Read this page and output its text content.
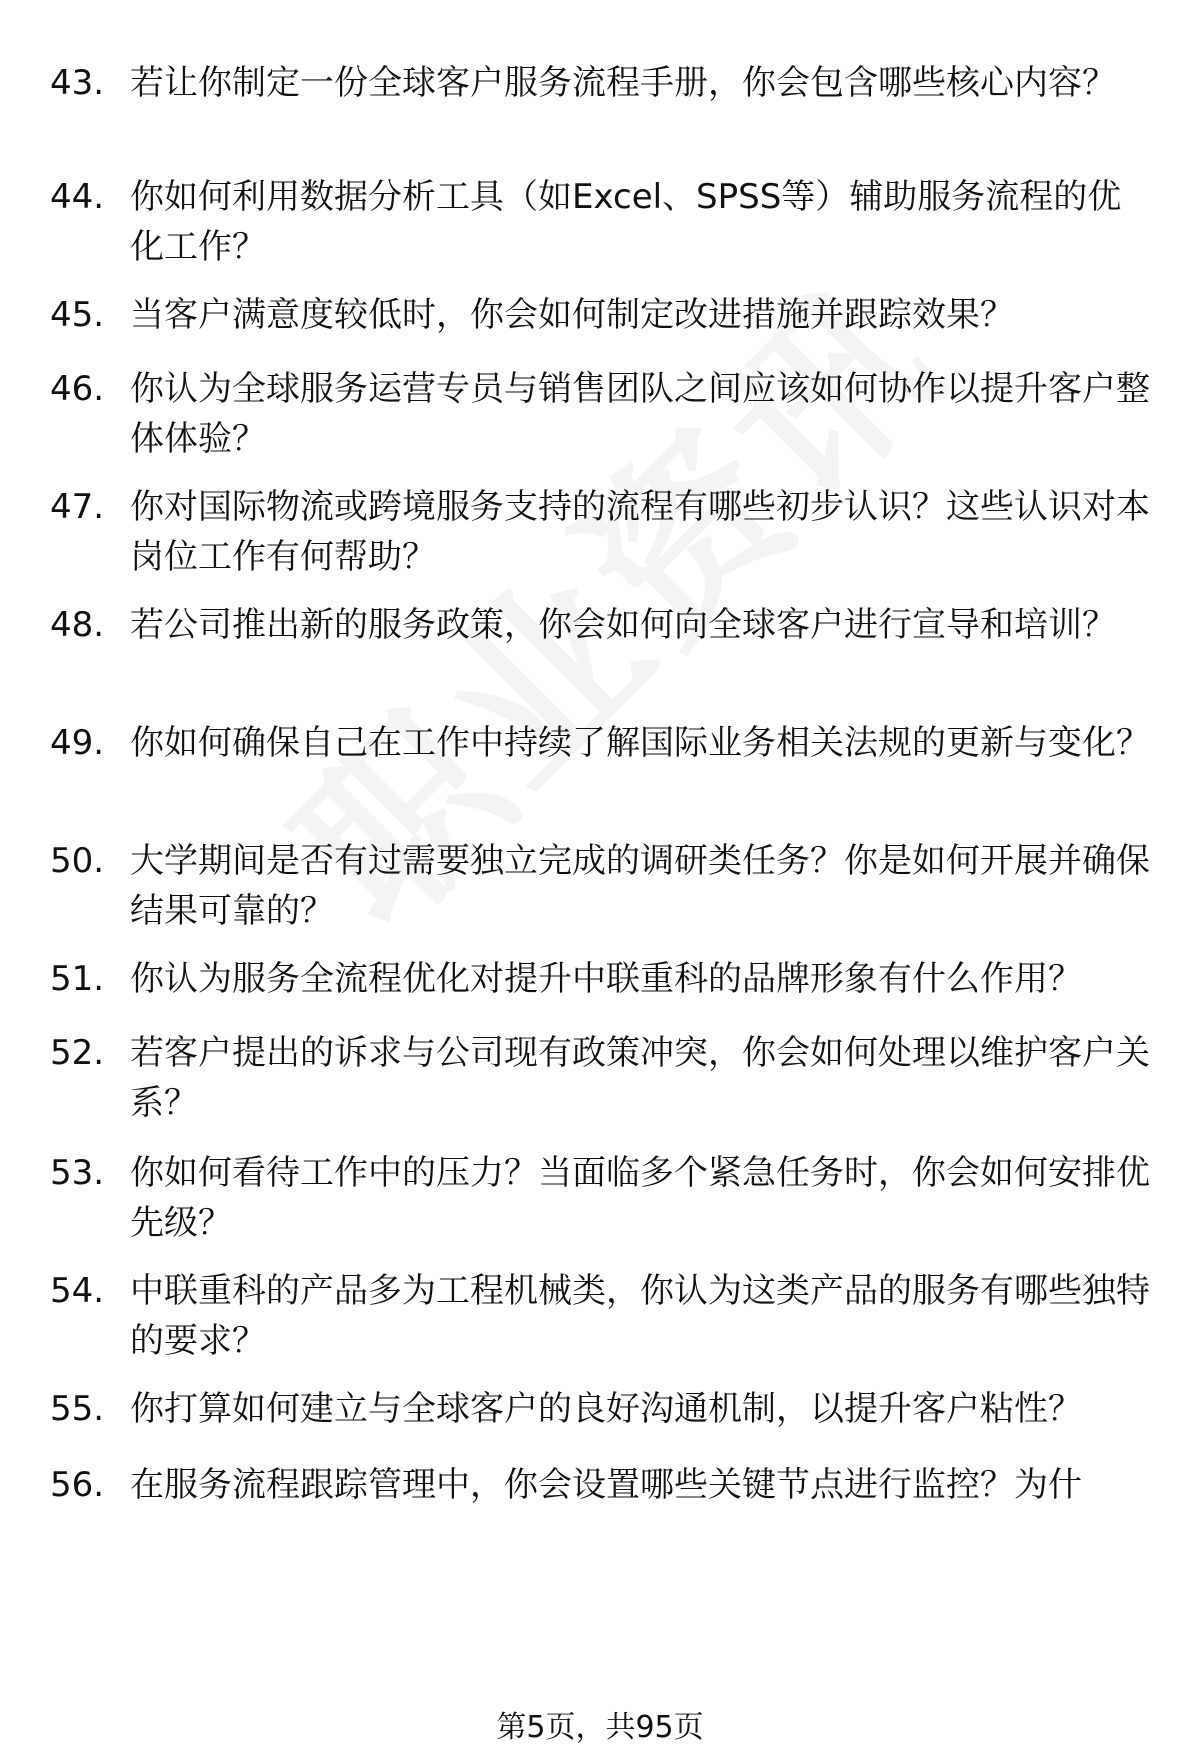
43. 若让你制定一份全球客户服务流程手册，你会包含哪些核心内容？
44. 你如何利用数据分析工具（如Excel、SPSS等）辅助服务流程的优化工作？
45. 当客户满意度较低时，你会如何制定改进措施并跟踪效果？
46. 你认为全球服务运营专员与销售团队之间应该如何协作以提升客户整体体验？
47. 你对国际物流或跨境服务支持的流程有哪些初步认识？这些认识对本岗位工作有何帮助？
48. 若公司推出新的服务政策，你会如何向全球客户进行宣导和培训？
49. 你如何确保自己在工作中持续了解国际业务相关法规的更新与变化？
50. 大学期间是否有过需要独立完成的调研类任务？你是如何开展并确保结果可靠的？
51. 你认为服务全流程优化对提升中联重科的品牌形象有什么作用？
52. 若客户提出的诉求与公司现有政策冲突，你会如何处理以维护客户关系？
53. 你如何看待工作中的压力？当面临多个紧急任务时，你会如何安排优先级？
54. 中联重科的产品多为工程机械类，你认为这类产品的服务有哪些独特的要求？
55. 你打算如何建立与全球客户的良好沟通机制，以提升客户粘性？
56. 在服务流程跟踪管理中，你会设置哪些关键节点进行监控？为什
第5页，共95页
